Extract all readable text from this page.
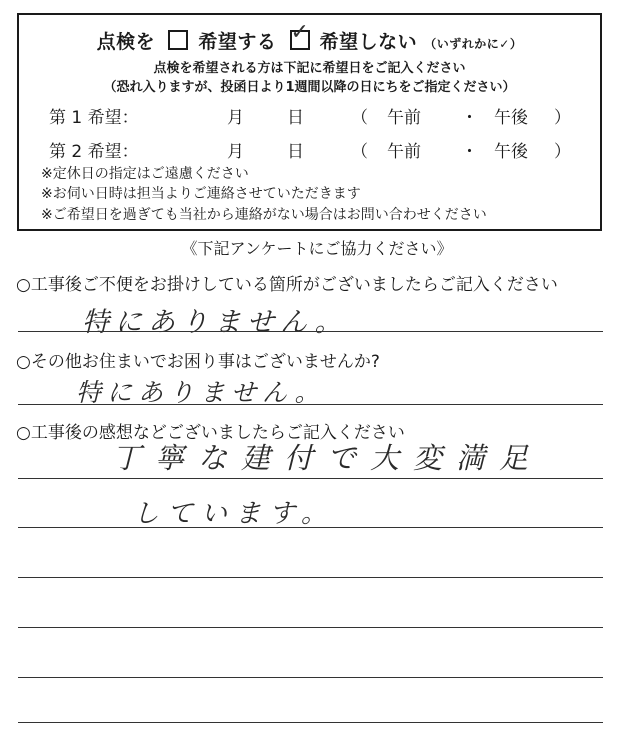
点検を 希望する ✓ 希望しない （いずれかに✓）
点検を希望される方は下記に希望日をご記入ください
（恐れ入りますが、投函日より1週間以降の日にちをご指定ください）
第 1 希望：	月	日	（ 午前 ・ 午後 ）
第 2 希望：	月	日	（ 午前 ・ 午後 ）
※定休日の指定はご遠慮ください
※お伺い日時は担当よりご連絡させていただきます
※ご希望日を過ぎても当社から連絡がない場合はお問い合わせください
《下記アンケートにご協力ください》
○工事後ご不便をお掛けしている箇所がございましたらご記入ください
特にありません。
○その他お住まいでお困り事はございませんか?
特にありません。
○工事後の感想などございましたらご記入ください
丁寧な建付で大変満足
しています。
